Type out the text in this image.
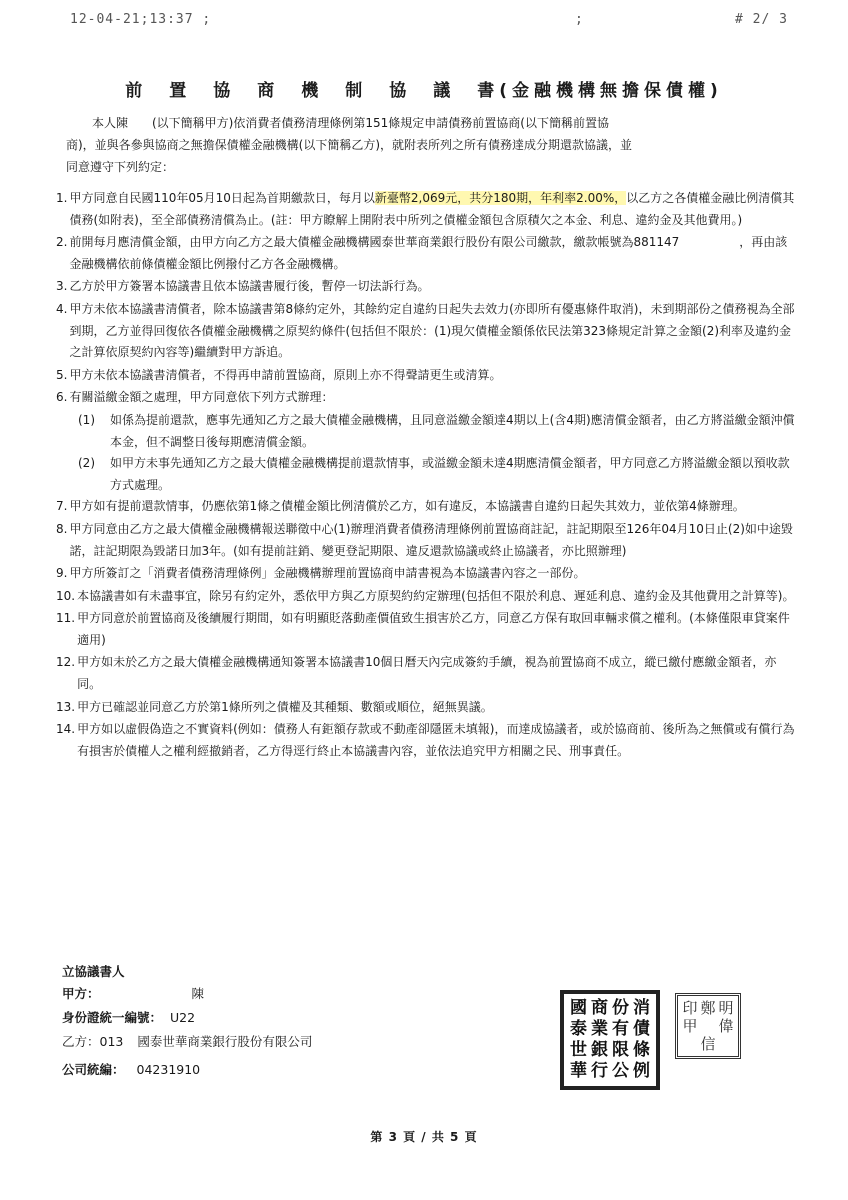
12-04-21;13:37 ;	;	# 2/ 3
前　置　協　商　機　制　協　議　書(金融機構無擔保債權)
本人陳　　(以下簡稱甲方)依消費者債務清理條例第151條規定申請債務前置協商(以下簡稱前置協
商)，並與各參與協商之無擔保債權金融機構(以下簡稱乙方)，就附表所列之所有債務達成分期還款協議，並
同意遵守下列約定：
1. 甲方同意自民國110年05月10日起為首期繳款日，每月以新臺幣2,069元，共分180期，年利率2.00%，以乙方之各債權金融比例清償其債務(如附表)，至全部債務清償為止。(註：甲方瞭解上開附表中所列之債權金額包含原積欠之本金、利息、違約金及其他費用。)
2. 前開每月應清償金額，由甲方向乙方之最大債權金融機構國泰世華商業銀行股份有限公司繳款，繳款帳號為881147　　　　　，再由該金融機構依前條債權金額比例撥付乙方各金融機構。
3. 乙方於甲方簽署本協議書且依本協議書履行後，暫停一切法訴行為。
4. 甲方未依本協議書清償者，除本協議書第8條約定外，其餘約定自違約日起失去效力(亦即所有優惠條件取消)，未到期部份之債務視為全部到期，乙方並得回復依各債權金融機構之原契約條件(包括但不限於：(1)現欠債權金額係依民法第323條規定計算之金額(2)利率及違約金之計算依原契約內容等)繼續對甲方訴追。
5. 甲方未依本協議書清償者，不得再申請前置協商，原則上亦不得聲請更生或清算。
6. 有關溢繳金額之處理，甲方同意依下列方式辦理：
(1)	如係為提前還款，應事先通知乙方之最大債權金融機構，且同意溢繳金額達4期以上(含4期)應清償金額者，由乙方將溢繳金額沖償本金，但不調整日後每期應清償金額。
(2)	如甲方未事先通知乙方之最大債權金融機構提前還款情事，或溢繳金額未達4期應清償金額者，甲方同意乙方將溢繳金額以預收款方式處理。
7. 甲方如有提前還款情事，仍應依第1條之債權金額比例清償於乙方，如有違反，本協議書自違約日起失其效力，並依第4條辦理。
8. 甲方同意由乙方之最大債權金融機構報送聯徵中心(1)辦理消費者債務清理條例前置協商註記，註記期限至126年04月10日止(2)如中途毀諾，註記期限為毀諾日加3年。(如有提前註銷、變更登記期限、違反還款協議或終止協議者，亦比照辦理)
9. 甲方所簽訂之「消費者債務清理條例」金融機構辦理前置協商申請書視為本協議書內容之一部份。
10. 本協議書如有未盡事宜，除另有約定外，悉依甲方與乙方原契約約定辦理(包括但不限於利息、遲延利息、違約金及其他費用之計算等)。
11. 甲方同意於前置協商及後續履行期間，如有明顯貶落動產價值致生損害於乙方，同意乙方保有取回車輛求償之權利。(本條僅限車貸案件適用)
12. 甲方如未於乙方之最大債權金融機構通知簽署本協議書10個日曆天內完成簽約手續，視為前置協商不成立，縱已繳付應繳金額者，亦同。
13. 甲方已確認並同意乙方於第1條所列之債權及其種類、數額或順位，絕無異議。
14. 甲方如以虛假偽造之不實資料(例如：債務人有鉅額存款或不動產卻隱匿未填報)，而達成協議者，或於協商前、後所為之無償或有償行為有損害於債權人之權利經撤銷者，乙方得逕行終止本協議書內容，並依法追究甲方相關之民、刑事責任。
立協議書人
甲方：	陳
身份證統一編號： U22
乙方：013 國泰世華商業銀行股份有限公司
公司統編： 04231910
國 商 份 消
泰 業 有 債
世 銀 限 條
華 行 公 例
印 鄭 明
甲 偉
信
第 3 頁 / 共 5 頁
